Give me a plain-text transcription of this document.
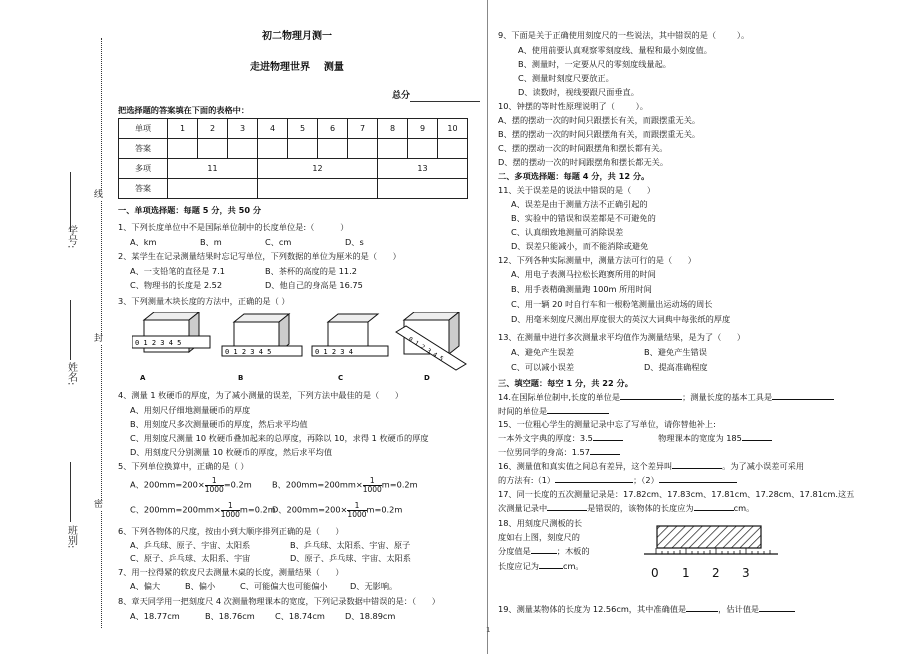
学号:
姓名:
班别:
线
封
密
初二物理月测一
走进物理世界    测量
总分
把选择题的答案填在下面的表格中：
单项	1	2	3	4	5	6	7	8	9	10
答案										
多项	11			12				13		
答案										
一、单项选择题：每题 5 分，共 50 分
1、下列长度单位中不是国际单位制中的长度单位是:（          ）
A、km	B、m	C、cm	D、s
2、某学生在记录测量结果时忘记写单位，下列数据的单位为厘米的是（      ）
A、一支铅笔的直径是 7.1	B、茶杯的高度的是 11.2
C、物理书的长度是 2.52	D、他自己的身高是 16.75
3、下列测量木块长度的方法中，正确的是（ ）
0 1 2 3 4 5
0 1 2 3 4 5	0 1 2 3 4	0 1 2 3 4 5
A	B	C	D
4、测量 1 枚硬币的厚度，为了减小测量的误差，下列方法中最佳的是（      ）
A、用刻尺仔细地测量硬币的厚度
B、用刻度尺多次测量硬币的厚度，然后求平均值
C、用刻度尺测量 10 枚硬币叠加起来的总厚度，再除以 10，求得 1 枚硬币的厚度
D、用刻度尺分别测量 10 枚硬币的厚度，然后求平均值
5、下列单位换算中，正确的是（ ）
A、$200mm=200\times \frac{1}{1000} =0.2m$ B、$200mm=200mm\times \frac{1}{1000} m=0.2m$
C、$200mm=200mm\times \frac{1}{1000} m=0.2m$
D、$200mm=200\times \frac{1}{1000} m=0.2m$
6、下列各物体的尺度，按由小到大顺序排列正确的是（      ）
A、乒乓球、原子、宇宙、太阳系	B、乒乓球、太阳系、宇宙、原子
C、原子、乒乓球、太阳系、宇宙	D、原子、乒乓球、宇宙、太阳系
7、用一拉得紧的软皮尺去测量木桌的长度，测量结果（      ）
A、偏大	B、偏小	C、可能偏大也可能偏小	D、无影响。
8、章天同学用一把刻度尺 4 次测量物理课本的宽度，下列记录数据中错误的是：（      ）
A、18.77cm	B、18.76cm C、18.74cm D、18.89cm
9、下面是关于正确使用刻度尺的一些说法，其中错误的是（        ）。
A、使用前要认真观察零刻度线、量程和最小刻度值。
B、测量时，一定要从尺的零刻度线量起。
C、测量时刻度尺要放正。
D、读数时，视线要跟尺面垂直。
10、钟摆的等时性原理说明了（        ）。
A、摆的摆动一次的时间只跟摆长有关，而跟摆重无关。
B、摆的摆动一次的时间只跟摆角有关，而跟摆重无关。
C、摆的摆动一次的时间跟摆角和摆长都有关。
D、摆的摆动一次的时间跟摆角和摆长都无关。
二、多项选择题：每题 4 分，共 12 分。
11、关于误差是的说法中错误的是（      ）
A、误差是由于测量方法不正确引起的
B、实验中的错误和误差都是不可避免的
C、认真细致地测量可消除误差
D、误差只能减小，而不能消除或避免
12、下列各种实际测量中，测量方法可行的是（      ）
A、用电子表测马拉松长跑赛所用的时间
B、用手表精确测量跑 100m 所用时间
C、用一辆 20 吋自行车和一根粉笔测量出运动场的周长
D、用毫米刻度尺测出厚度很大的英汉大词典中每张纸的厚度
13、在测量中进行多次测量求平均值作为测量结果，是为了（      ）
A、避免产生误差	B、避免产生错误
C、可以减小误差	D、提高准确程度
三、填空题：每空 1 分，共 22 分。
14.在国际单位制中,长度的单位是	；测量长度的基本工具是
时间的单位是
15、一位粗心学生的测量记录中忘了写单位，请你替他补上:
一本外文字典的厚度：3.5	物理课本的宽度为 185
一位男同学的身高：1.57
16、测量值和真实值之间总有差异，这个差异叫	。为了减小误差可采用
的方法有:（1）	；（2）
17、同一长度的五次测量记录是：17.82cm、17.83cm、17.81cm、17.28cm、17.81cm.这五
次测量记录中	是错误的，该物体的长度应为	cm。
18、用刻度尺测板的长
度如右上图，刻度尺的
分度值是	；木板的
长度应记为	cm。	0 1 2 3
19、测量某物体的长度为 12.56cm，其中准确值是	，估计值是
1
